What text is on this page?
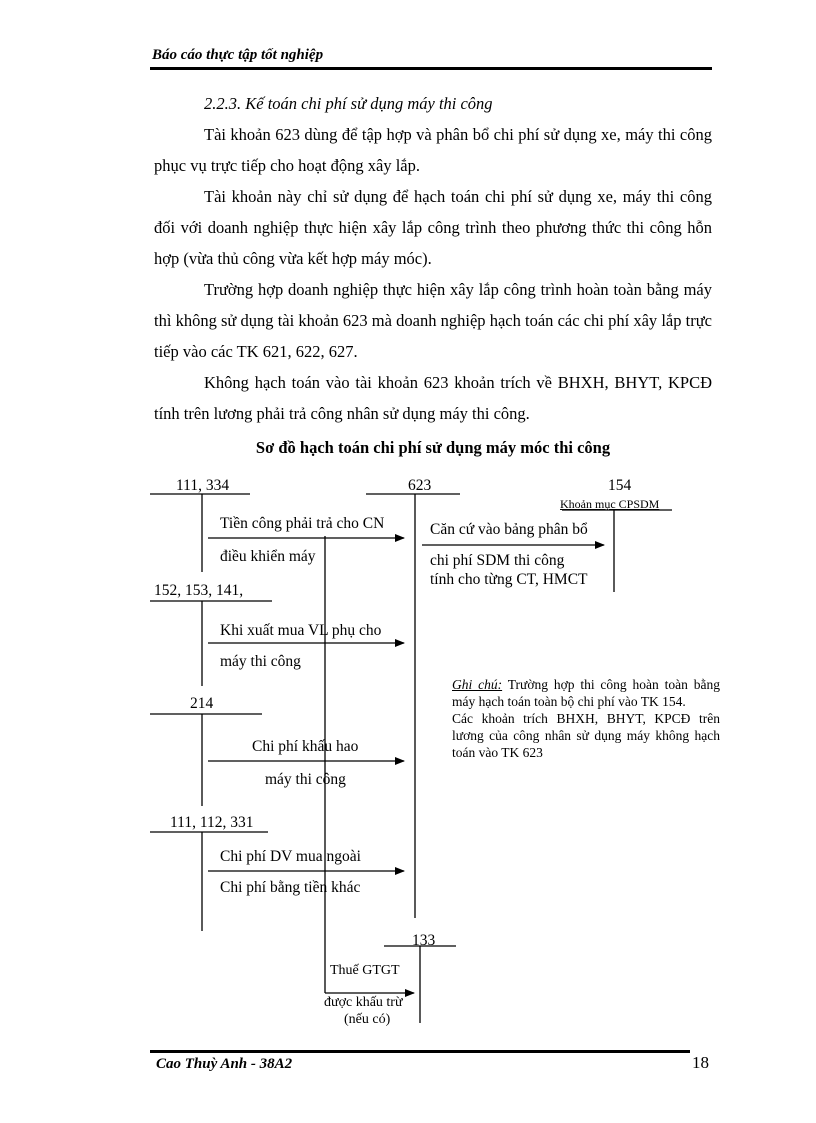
Báo cáo thực tập tốt nghiệp

2.2.3. Kế toán chi phí sử dụng máy thi công

Tài khoản 623 dùng để tập hợp và phân bổ chi phí sử dụng xe, máy thi công phục vụ trực tiếp cho hoạt động xây lắp.

Tài khoản này chỉ sử dụng để hạch toán chi phí sử dụng xe, máy thi công đối với doanh nghiệp thực hiện xây lắp công trình theo phương thức thi công hỗn hợp (vừa thủ công vừa kết hợp máy móc).

Trường hợp doanh nghiệp thực hiện xây lắp công trình hoàn toàn bằng máy thì không sử dụng tài khoản 623 mà doanh nghiệp hạch toán các chi phí xây lắp trực tiếp vào các TK 621, 622, 627.

Không hạch toán vào tài khoản 623 khoản trích về BHXH, BHYT, KPCĐ tính trên lương phải trả công nhân sử dụng máy thi công.

Sơ đồ hạch toán chi phí sử dụng máy móc thi công
111, 334	623	154
Khoản mục CPSDM
152, 153, 141,
214
111, 112, 331
133
Tiền công phải trả cho CN
điều khiển máy
Căn cứ vào bảng phân bổ
chi phí SDM thi công
tính cho từng CT, HMCT
Khi xuất mua VL phụ cho
máy thi công
Chi phí khấu hao
máy thi công
Chi phí DV mua ngoài
Chi phí bằng tiền khác
Thuế GTGT
được khấu trừ
(nếu có)
Ghi chú: Trường hợp thi công hoàn toàn bằng máy hạch toán toàn bộ chi phí vào TK 154.
Các khoản trích BHXH, BHYT, KPCĐ trên lương của công nhân sử dụng máy không hạch toán vào TK 623
Cao Thuỳ Anh - 38A2	18
